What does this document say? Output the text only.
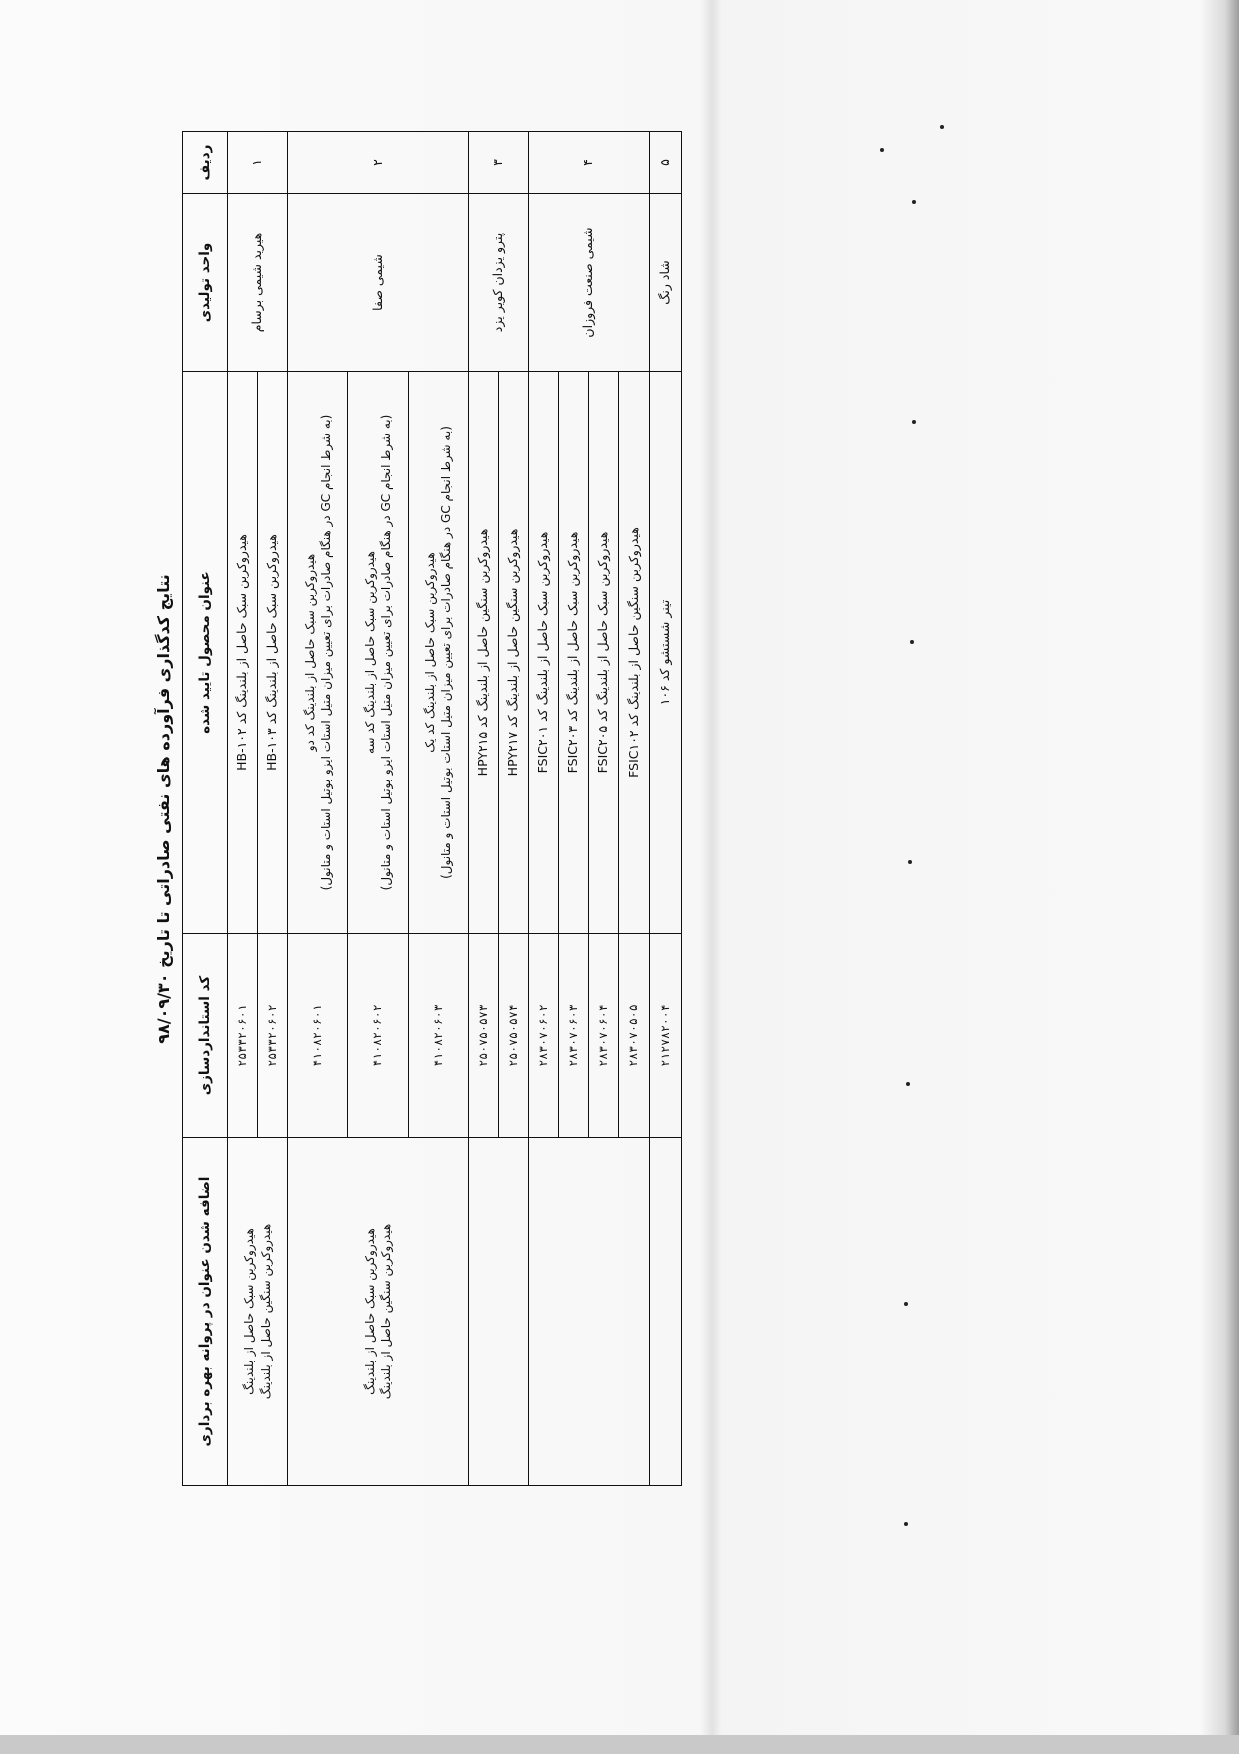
نتایج کدگذاری فرآورده های نفتی صادراتی تا تاریخ ۹۸/۰۹/۳۰
ردیف	واحد تولیدی	عنوان محصول تایید شده	کد استانداردسازی	اضافه شدن عنوان در پروانه بهره برداری
۱	هیرید شیمی برسام	هیدروکربن سبک حاصل از بلندینگ کد HB-۱۰۲	۲۵۳۳۲۰۶۰۱	هیدروکربن سبک حاصل از بلندینگ هیدروکربن سنگین حاصل از بلندینگ

		هیدروکربن سبک حاصل از بلندینگ کد HB-۱۰۳	۲۵۳۳۲۰۶۰۲	
۲	شیمی صفا	هیدروکربن سبک حاصل از بلندینگ کد دو (به شرط انجام GC در هنگام صادرات برای تعیین میزان متیل استات ایزو بوتیل استات و متانول)	۴۱۰۸۲۰۶۰۱	هیدروکربن سبک حاصل از بلندینگ هیدروکربن سنگین حاصل از بلندینگ

		هیدروکربن سبک حاصل از بلندینگ کد سه (به شرط انجام GC در هنگام صادرات برای تعیین میزان متیل استات ایزو بوتیل استات و متانول)	۴۱۰۸۲۰۶۰۲	

		هیدروکربن سبک حاصل از بلندینگ کد یک (به شرط انجام GC در هنگام صادرات برای تعیین میزان متیل استات بوتیل استات و متانول)	۴۱۰۸۲۰۶۰۳	
۳	پترو یزدان کویر یزد	هیدروکربن سنگین حاصل از بلندینگ کد HPY۲۱۵	۲۵۰۷۵۰۵۷۳	
		هیدروکربن سنگین حاصل از بلندینگ کد HPY۲۱۷	۲۵۰۷۵۰۵۷۴	
۴	شیمی صنعت فروزان	هیدروکربن سبک حاصل از بلندینگ کد FSIC۲۰۱	۲۸۳۰۷۰۶۰۲	
		هیدروکربن سبک حاصل از بلندینگ کد FSIC۲۰۳	۲۸۳۰۷۰۶۰۳	
		هیدروکربن سبک حاصل از بلندینگ کد FSIC۲۰۵	۲۸۳۰۷۰۶۰۴	
		هیدروکربن سنگین حاصل از بلندینگ کد FSIC۱۰۲	۲۸۳۰۷۰۵۰۵	
۵	شاد رنگ	تینر شستشو کد ۱۰۶	۲۱۲۷۸۲۰۰۴	
